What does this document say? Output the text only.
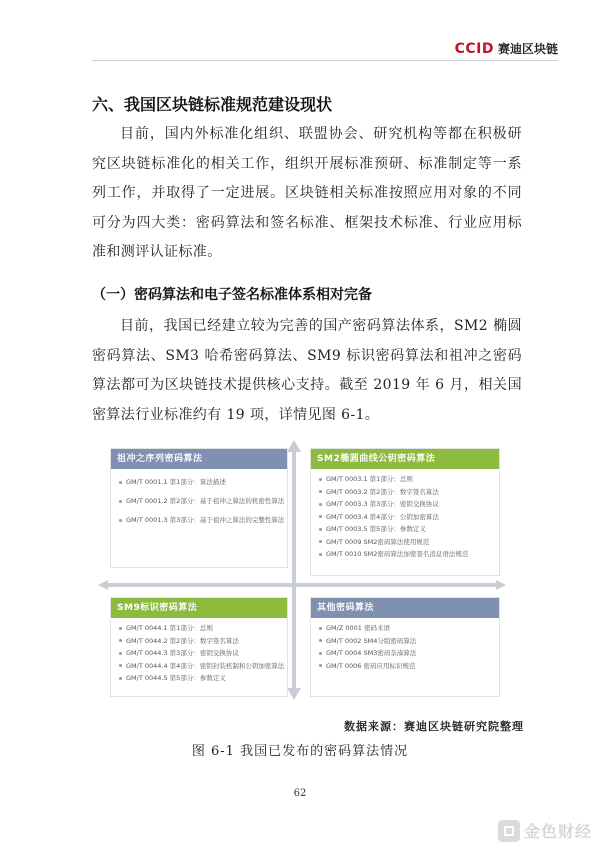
CCID 赛迪区块链
六、我国区块链标准规范建设现状

目前，国内外标准化组织、联盟协会、研究机构等都在积极研究区块链标准化的相关工作，组织开展标准预研、标准制定等一系列工作，并取得了一定进展。区块链相关标准按照应用对象的不同可分为四大类：密码算法和签名标准、框架技术标准、行业应用标准和测评认证标准。

（一）密码算法和电子签名标准体系相对完备

目前，我国已经建立较为完善的国产密码算法体系，SM2 椭圆密码算法、SM3 哈希密码算法、SM9 标识密码算法和祖冲之密码算法都可为区块链技术提供核心支持。截至 2019 年 6 月，相关国密算法行业标准约有 19 项，详情见图 6-1。

祖冲之序列密码算法
GM/T 0001.1 第1部分：算法描述
GM/T 0001.2 第2部分：基于祖冲之算法的机密性算法
GM/T 0001.3 第3部分：基于祖冲之算法的完整性算法
SM2椭圆曲线公钥密码算法
GM/T 0003.1 第1部分：总则
GM/T 0003.2 第2部分：数字签名算法
GM/T 0003.3 第3部分：密钥交换协议
GM/T 0003.4 第4部分：公钥加密算法
GM/T 0003.5 第5部分：参数定义
GM/T 0009 SM2密码算法使用规范
GM/T 0010 SM2密码算法加密签名消息语法规范
SM9标识密码算法
GM/T 0044.1 第1部分：总则
GM/T 0044.2 第2部分：数字签名算法
GM/T 0044.3 第3部分：密钥交换协议
GM/T 0044.4 第4部分：密钥封装机制和公钥加密算法
GM/T 0044.5 第5部分：参数定义
其他密码算法
GM/Z 0001 密码术语
GM/T 0002 SM4分组密码算法
GM/T 0004 SM3密码杂凑算法
GM/T 0006 密码应用标识规范
数据来源：赛迪区块链研究院整理
图 6-1 我国已发布的密码算法情况
62
金色财经
